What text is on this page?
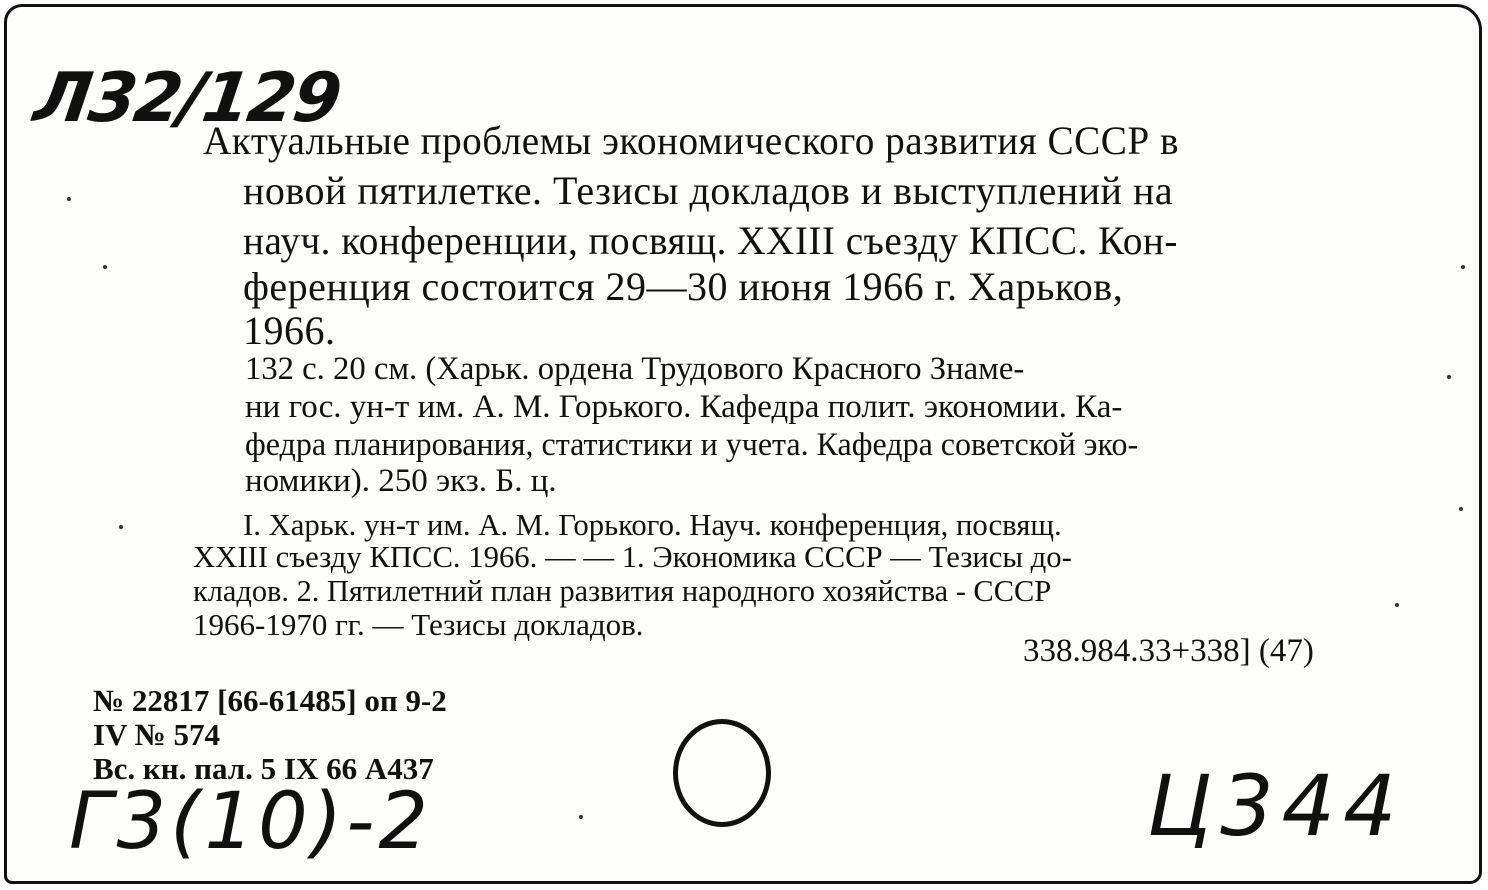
Л32/129
Актуальные проблемы экономического развития СССР в
новой пятилетке. Тезисы докладов и выступлений на
науч. конференции, посвящ. XXIII съезду КПСС. Кон-
ференция состоится 29—30 июня 1966 г. Харьков,
1966.
132 с. 20 см. (Харьк. ордена Трудового Красного Знаме-
ни гос. ун-т им. А. М. Горького. Кафедра полит. экономии. Ка-
федра планирования, статистики и учета. Кафедра советской эко-
номики). 250 экз. Б. ц.
I. Харьк. ун-т им. А. М. Горького. Науч. конференция, посвящ.
XXIII съезду КПСС. 1966. — — 1. Экономика СССР — Тезисы до-
кладов. 2. Пятилетний план развития народного хозяйства - СССР
1966-1970 гг. — Тезисы докладов.
338.984.33+338] (47)
№ 22817 [66-61485] оп 9-2
IV № 574
Вс. кн. пал. 5 IX 66 А437
Г3(10)-2	Ц344
